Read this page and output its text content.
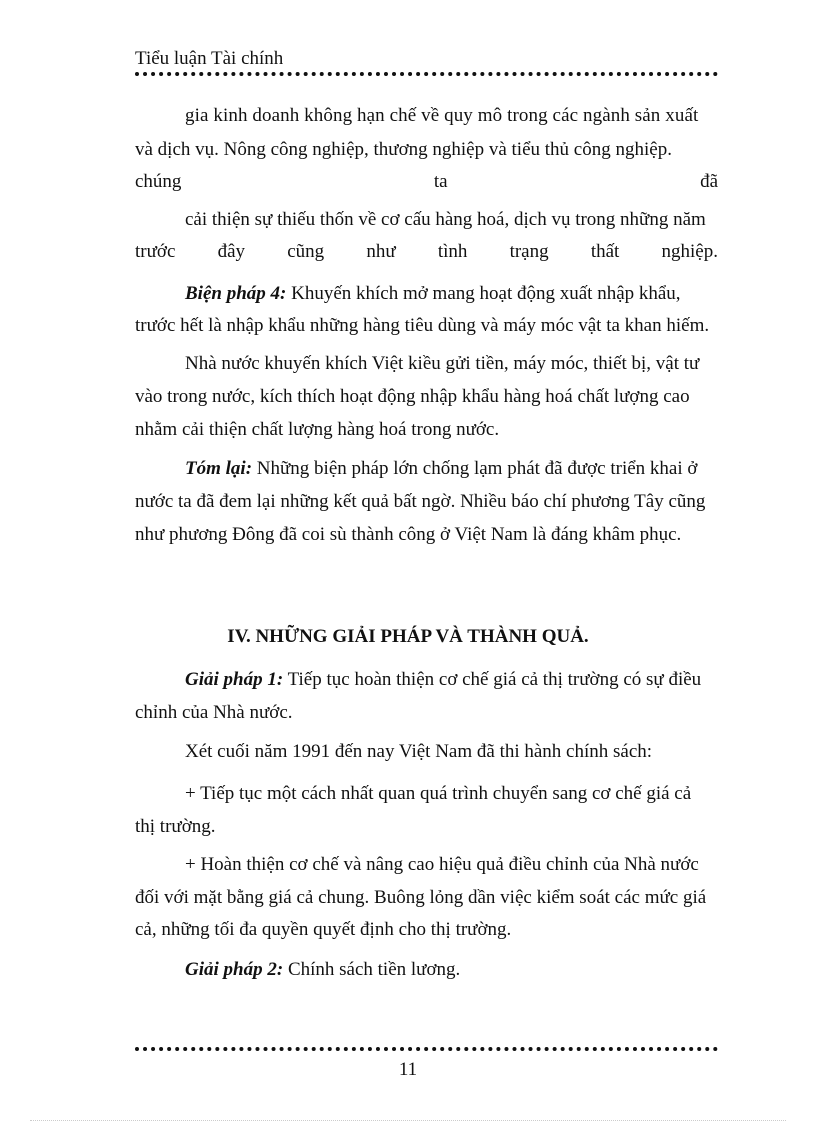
Tiểu luận Tài chính
gia kinh doanh không hạn chế về quy mô trong các ngành sản xuất
và dịch vụ. Nông công nghiệp, thương nghiệp và tiểu thủ công nghiệp.
chúng	ta	đã
cải thiện sự thiếu thốn về cơ cấu hàng hoá, dịch vụ trong những năm
trước đây cũng như tình trạng thất nghiệp.
Biện pháp 4: Khuyến khích mở mang hoạt động xuất nhập khẩu,
trước hết là nhập khẩu những hàng tiêu dùng và máy móc vật ta khan hiếm.
Nhà nước khuyến khích Việt kiều gửi tiền, máy móc, thiết bị, vật tư
vào trong nước, kích thích hoạt động nhập khẩu hàng hoá chất lượng cao
nhằm cải thiện chất lượng hàng hoá trong nước.
Tóm lại: Những biện pháp lớn chống lạm phát đã được triển khai ở
nước ta đã đem lại những kết quả bất ngờ. Nhiều báo chí phương Tây cũng
như phương Đông đã coi sù thành công ở Việt Nam là đáng khâm phục.
IV. NHỮNG GIẢI PHÁP VÀ THÀNH QUẢ.
Giải pháp 1: Tiếp tục hoàn thiện cơ chế giá cả thị trường có sự điều
chỉnh của Nhà nước.
Xét cuối năm 1991 đến nay Việt Nam đã thi hành chính sách:
+ Tiếp tục một cách nhất quan quá trình chuyển sang cơ chế giá cả
thị trường.
+ Hoàn thiện cơ chế và nâng cao hiệu quả điều chỉnh của Nhà nước
đối với mặt bằng giá cả chung. Buông lỏng dần việc kiểm soát các mức giá
cả, những tối đa quyền quyết định cho thị trường.
Giải pháp 2: Chính sách tiền lương.
11
